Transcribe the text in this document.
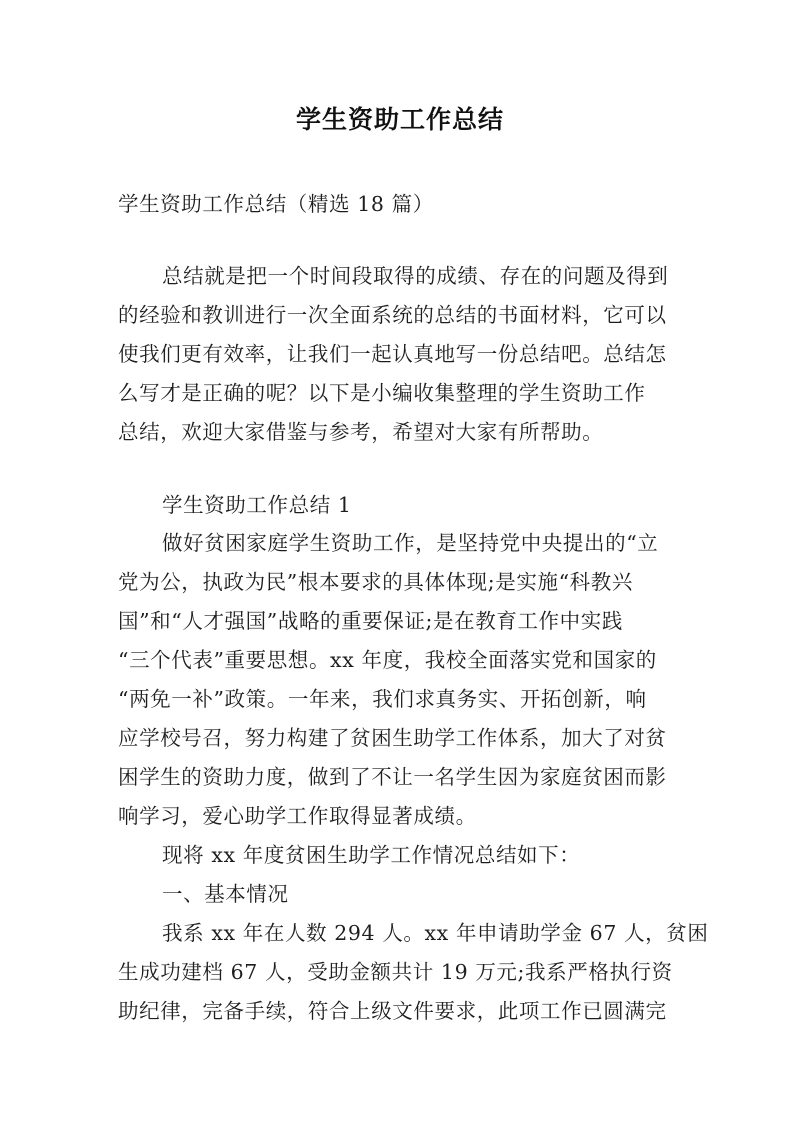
学生资助工作总结
学生资助工作总结（精选 18 篇）
总结就是把一个时间段取得的成绩、存在的问题及得到
的经验和教训进行一次全面系统的总结的书面材料，它可以
使我们更有效率，让我们一起认真地写一份总结吧。总结怎
么写才是正确的呢？以下是小编收集整理的学生资助工作
总结，欢迎大家借鉴与参考，希望对大家有所帮助。
学生资助工作总结 1
做好贫困家庭学生资助工作，是坚持党中央提出的“立
党为公，执政为民”根本要求的具体体现;是实施“科教兴
国”和“人才强国”战略的重要保证;是在教育工作中实践
“三个代表”重要思想。xx 年度，我校全面落实党和国家的
“两免一补”政策。一年来，我们求真务实、开拓创新，响
应学校号召，努力构建了贫困生助学工作体系，加大了对贫
困学生的资助力度，做到了不让一名学生因为家庭贫困而影
响学习，爱心助学工作取得显著成绩。
现将 xx 年度贫困生助学工作情况总结如下：
一、基本情况
我系 xx 年在人数 294 人。xx 年申请助学金 67 人，贫困
生成功建档 67 人，受助金额共计 19 万元;我系严格执行资
助纪律，完备手续，符合上级文件要求，此项工作已圆满完
